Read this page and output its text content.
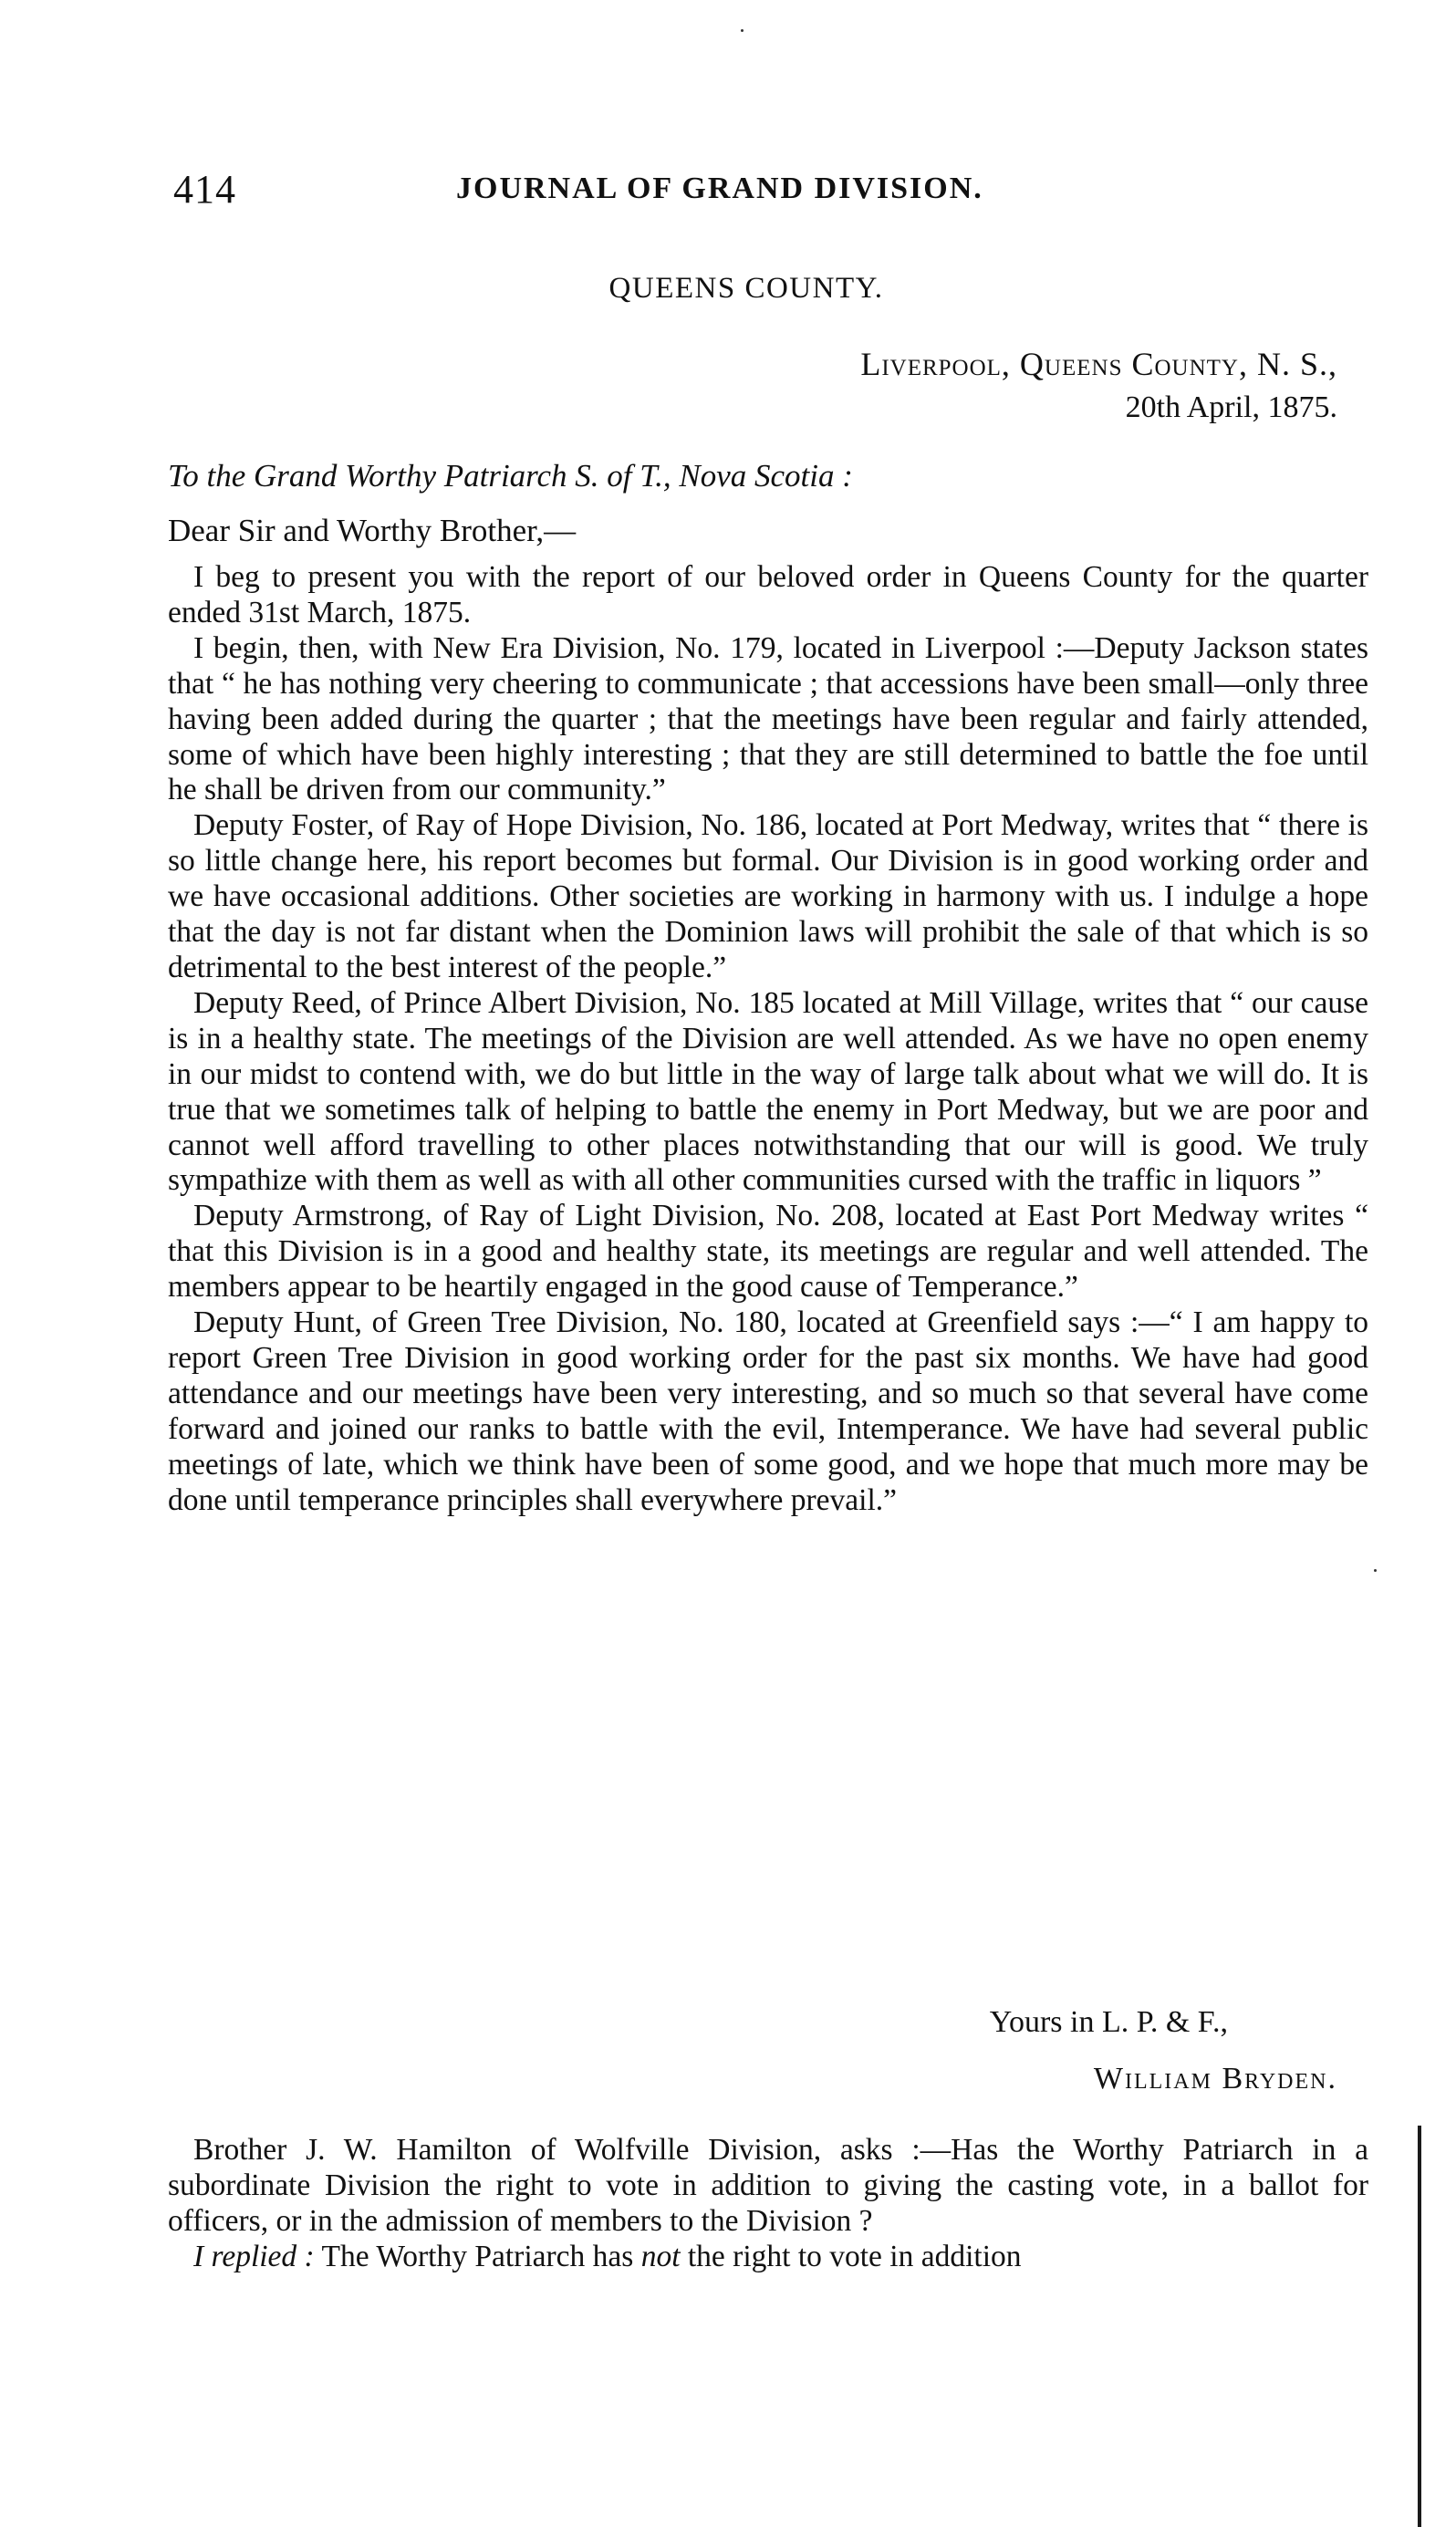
414	JOURNAL OF GRAND DIVISION.
QUEENS COUNTY.
Liverpool, Queens County, N. S.,
20th April, 1875.
To the Grand Worthy Patriarch S. of T., Nova Scotia :
Dear Sir and Worthy Brother,—

I beg to present you with the report of our beloved order in Queens County for the quarter ended 31st March, 1875.

I begin, then, with New Era Division, No. 179, located in Liverpool :—Deputy Jackson states that “ he has nothing very cheering to communicate ; that accessions have been small—only three having been added during the quarter ; that the meetings have been regular and fairly attended, some of which have been highly interesting ; that they are still determined to battle the foe until he shall be driven from our community.”

Deputy Foster, of Ray of Hope Division, No. 186, located at Port Medway, writes that “ there is so little change here, his report becomes but formal. Our Division is in good working order and we have occasional additions. Other societies are working in harmony with us. I indulge a hope that the day is not far distant when the Dominion laws will prohibit the sale of that which is so detrimental to the best interest of the people.”

Deputy Reed, of Prince Albert Division, No. 185 located at Mill Village, writes that “ our cause is in a healthy state. The meetings of the Division are well attended. As we have no open enemy in our midst to contend with, we do but little in the way of large talk about what we will do. It is true that we sometimes talk of helping to battle the enemy in Port Medway, but we are poor and cannot well afford travelling to other places notwithstanding that our will is good. We truly sympathize with them as well as with all other communities cursed with the traffic in liquors ”

Deputy Armstrong, of Ray of Light Division, No. 208, located at East Port Medway writes “ that this Division is in a good and healthy state, its meetings are regular and well attended. The members appear to be heartily engaged in the good cause of Temperance.”

Deputy Hunt, of Green Tree Division, No. 180, located at Greenfield says :—“ I am happy to report Green Tree Division in good working order for the past six months. We have had good attendance and our meetings have been very interesting, and so much so that several have come forward and joined our ranks to battle with the evil, Intemperance. We have had several public meetings of late, which we think have been of some good, and we hope that much more may be done until temperance principles shall everywhere prevail.”

Yours in L. P. & F.,
William Bryden.

Brother J. W. Hamilton of Wolfville Division, asks :—Has the Worthy Patriarch in a subordinate Division the right to vote in addition to giving the casting vote, in a ballot for officers, or in the admission of members to the Division ?

I replied : The Worthy Patriarch has not the right to vote in addition
